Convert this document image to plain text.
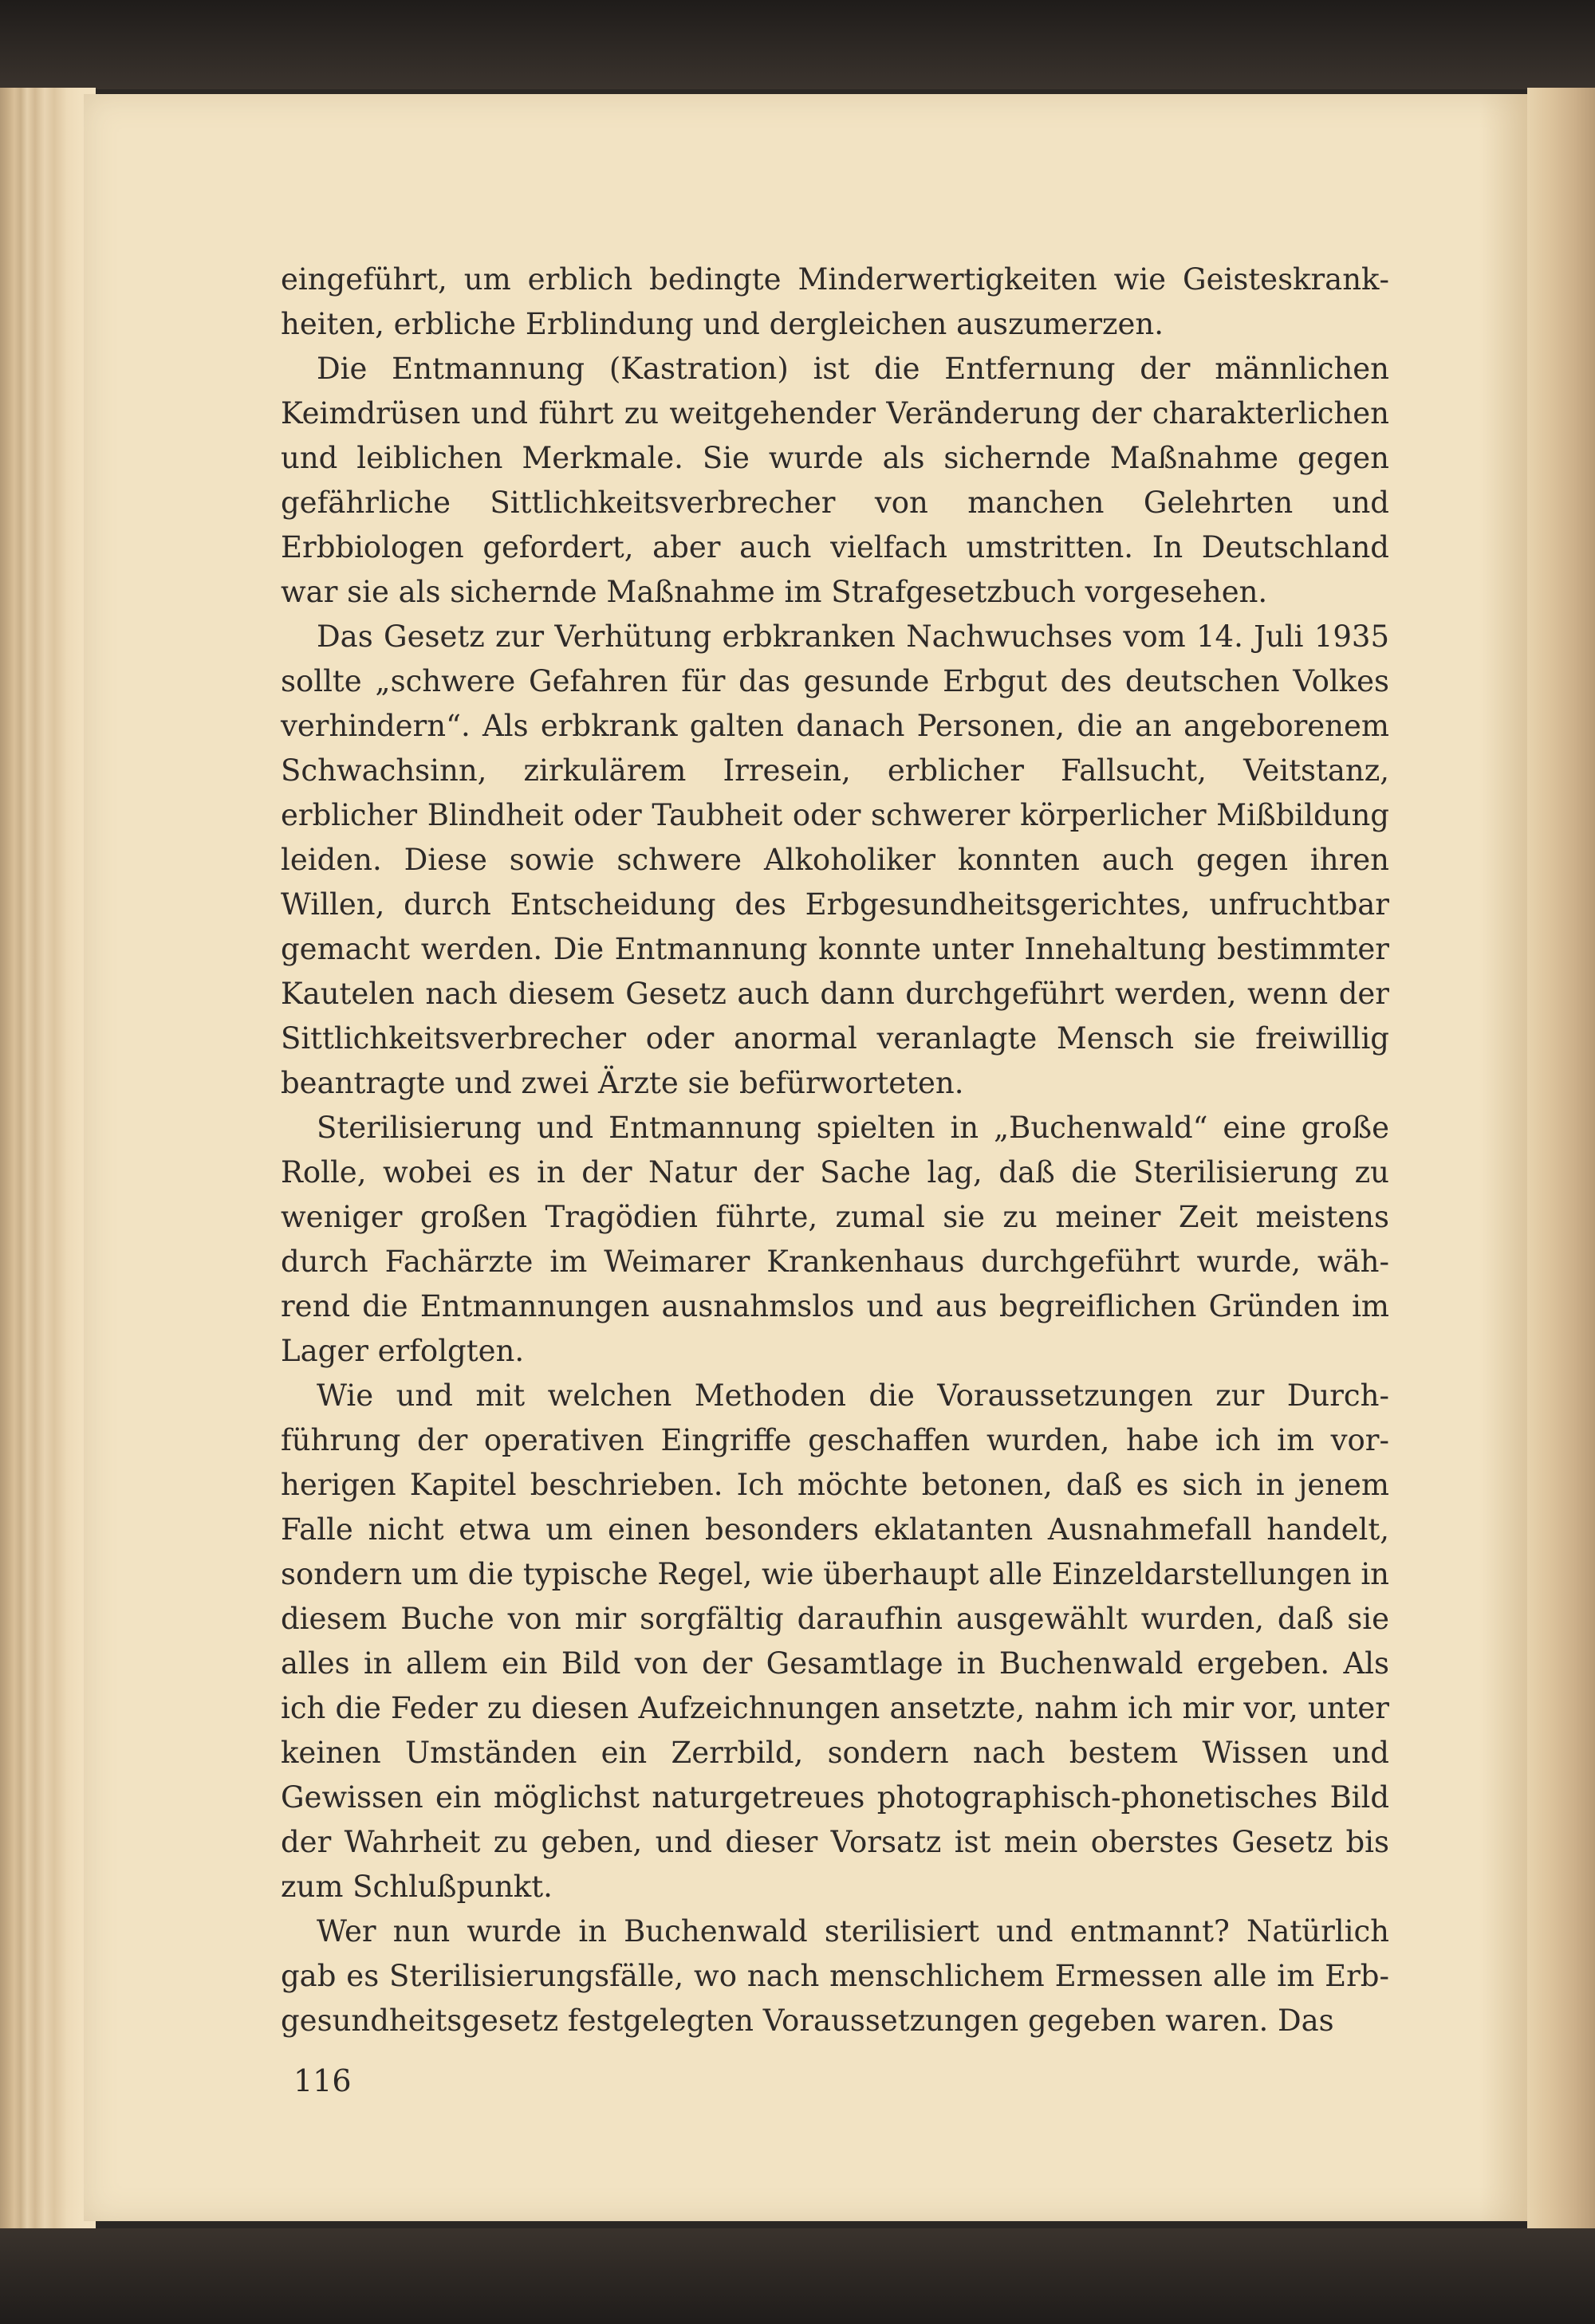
eingeführt, um erblich bedingte Minderwertigkeiten wie Geisteskrankheiten, erbliche Erblindung und dergleichen auszumerzen.

Die Entmannung (Kastration) ist die Entfernung der männlichen Keimdrüsen und führt zu weitgehender Veränderung der charakterlichen und leiblichen Merkmale. Sie wurde als sichernde Maßnahme gegen gefährliche Sittlichkeitsverbrecher von manchen Gelehrten und Erbbiologen gefordert, aber auch vielfach umstritten. In Deutschland war sie als sichernde Maßnahme im Strafgesetzbuch vorgesehen.

Das Gesetz zur Verhütung erbkranken Nachwuchses vom 14. Juli 1935 sollte „schwere Gefahren für das gesunde Erbgut des deutschen Volkes verhindern“. Als erbkrank galten danach Personen, die an angeborenem Schwachsinn, zirkulärem Irresein, erblicher Fallsucht, Veitstanz, erblicher Blindheit oder Taubheit oder schwerer körperlicher Mißbildung leiden. Diese sowie schwere Alkoholiker konnten auch gegen ihren Willen, durch Entscheidung des Erbgesundheitsgerichtes, unfruchtbar gemacht werden. Die Entmannung konnte unter Innehaltung bestimmter Kautelen nach diesem Gesetz auch dann durchgeführt werden, wenn der Sittlichkeitsverbrecher oder anormal veranlagte Mensch sie freiwillig beantragte und zwei Ärzte sie befürworteten.

Sterilisierung und Entmannung spielten in „Buchenwald“ eine große Rolle, wobei es in der Natur der Sache lag, daß die Sterilisierung zu weniger großen Tragödien führte, zumal sie zu meiner Zeit meistens durch Fachärzte im Weimarer Krankenhaus durchgeführt wurde, während die Entmannungen ausnahmslos und aus begreiflichen Gründen im Lager erfolgten.

Wie und mit welchen Methoden die Voraussetzungen zur Durchführung der operativen Eingriffe geschaffen wurden, habe ich im vorherigen Kapitel beschrieben. Ich möchte betonen, daß es sich in jenem Falle nicht etwa um einen besonders eklatanten Ausnahmefall handelt, sondern um die typische Regel, wie überhaupt alle Einzeldarstellungen in diesem Buche von mir sorgfältig daraufhin ausgewählt wurden, daß sie alles in allem ein Bild von der Gesamtlage in Buchenwald ergeben. Als ich die Feder zu diesen Aufzeichnungen ansetzte, nahm ich mir vor, unter keinen Umständen ein Zerrbild, sondern nach bestem Wissen und Gewissen ein möglichst naturgetreues photographisch-phonetisches Bild der Wahrheit zu geben, und dieser Vorsatz ist mein oberstes Gesetz bis zum Schlußpunkt.

Wer nun wurde in Buchenwald sterilisiert und entmannt? Natürlich gab es Sterilisierungsfälle, wo nach menschlichem Ermessen alle im Erbgesundheitsgesetz festgelegten Voraussetzungen gegeben waren. Das

116
